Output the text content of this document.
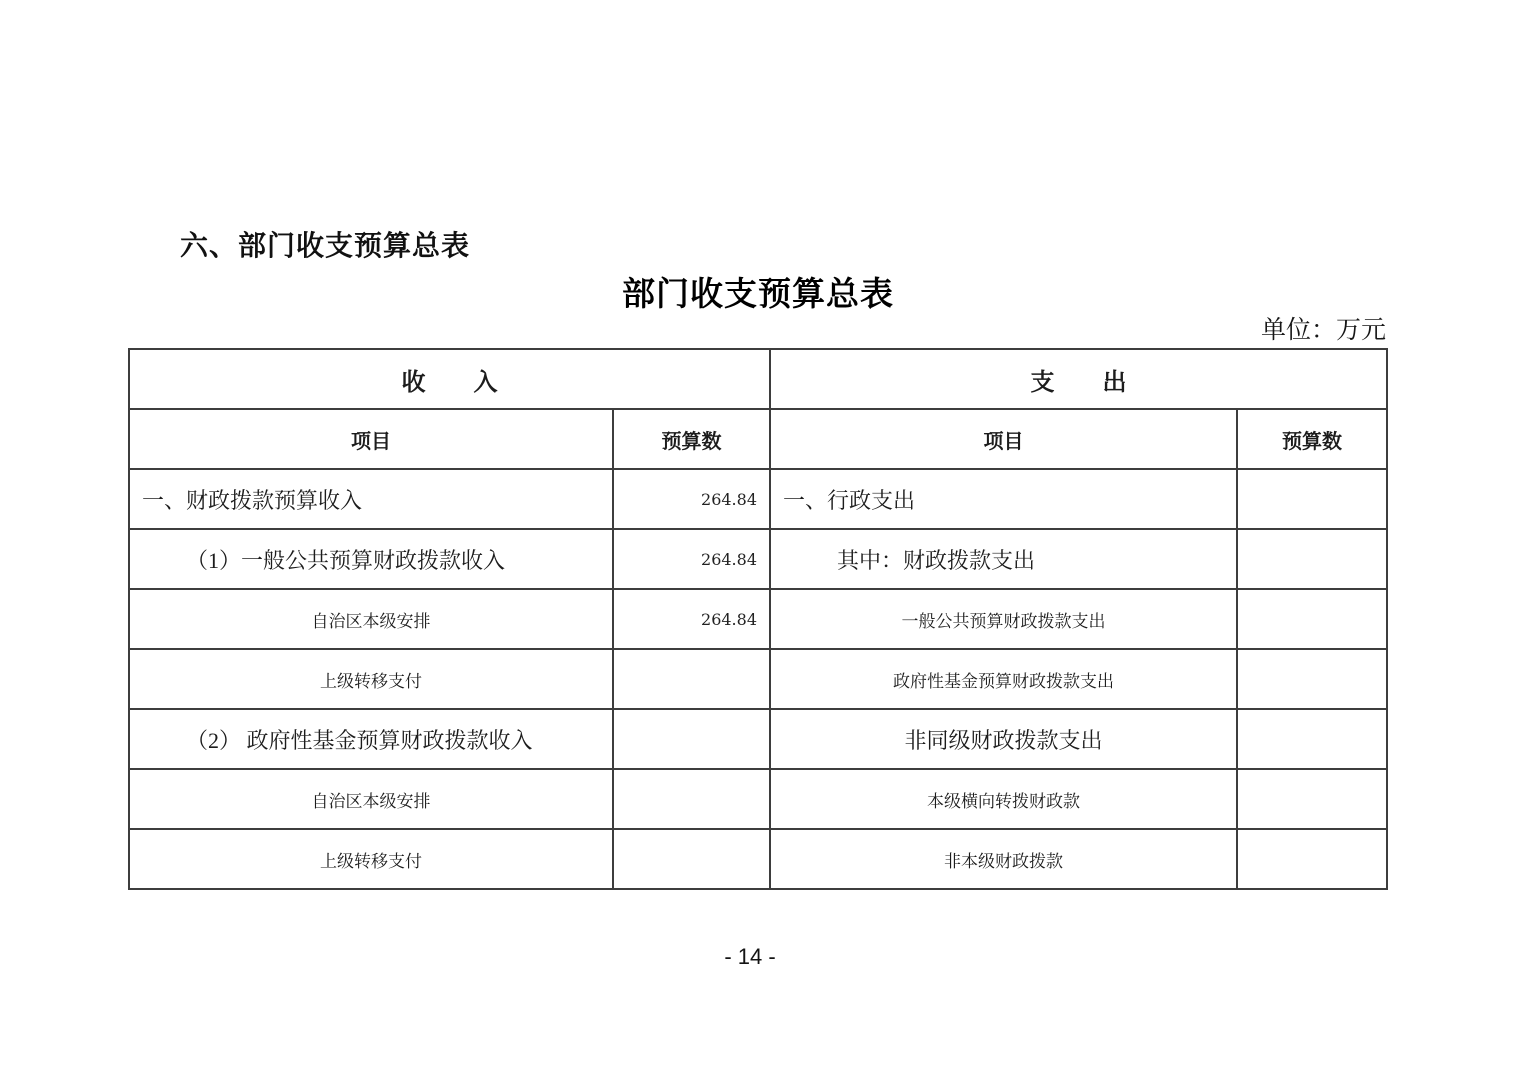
六、部门收支预算总表
部门收支预算总表
单位：万元
收　　入		支　　出	
项目	预算数	项目	预算数
一、财政拨款预算收入	264.84	一、行政支出	
（1）一般公共预算财政拨款收入	264.84	其中：财政拨款支出	
自治区本级安排	264.84	一般公共预算财政拨款支出	
上级转移支付		政府性基金预算财政拨款支出	
（2） 政府性基金预算财政拨款收入		非同级财政拨款支出	
自治区本级安排		本级横向转拨财政款	
上级转移支付		非本级财政拨款	
- 14 -
